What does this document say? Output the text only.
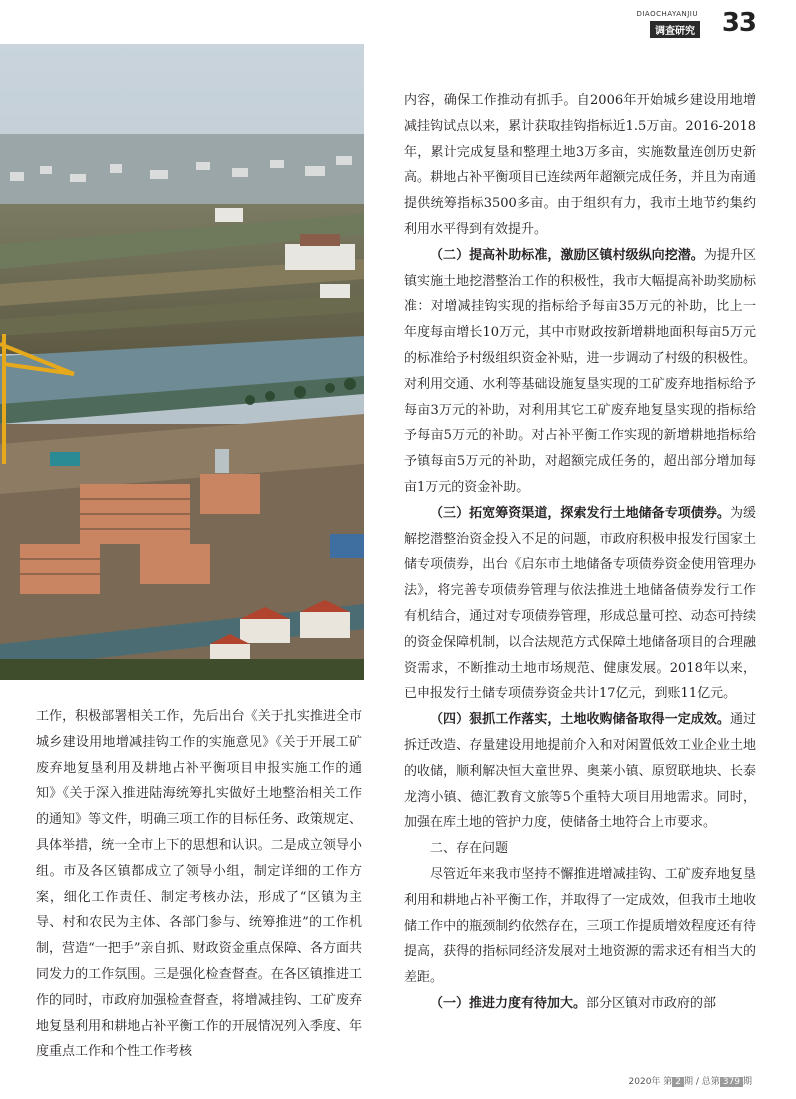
DIAOCHAYANJIU
调查研究 33

内容，确保工作推动有抓手。自2006年开始城乡建设用地增减挂钩试点以来，累计获取挂钩指标近1.5万亩。2016-2018年，累计完成复垦和整理土地3万多亩，实施数量连创历史新高。耕地占补平衡项目已连续两年超额完成任务，并且为南通提供统筹指标3500多亩。由于组织有力，我市土地节约集约利用水平得到有效提升。

（二）提高补助标准，激励区镇村级纵向挖潜。为提升区镇实施土地挖潜整治工作的积极性，我市大幅提高补助奖励标准：对增减挂钩实现的指标给予每亩35万元的补助，比上一年度每亩增长10万元，其中市财政按新增耕地面积每亩5万元的标准给予村级组织资金补贴，进一步调动了村级的积极性。对利用交通、水利等基础设施复垦实现的工矿废弃地指标给予每亩3万元的补助，对利用其它工矿废弃地复垦实现的指标给予每亩5万元的补助。对占补平衡工作实现的新增耕地指标给予镇每亩5万元的补助，对超额完成任务的，超出部分增加每亩1万元的资金补助。

（三）拓宽筹资渠道，探索发行土地储备专项债券。为缓解挖潜整治资金投入不足的问题，市政府积极申报发行国家土储专项债券，出台《启东市土地储备专项债券资金使用管理办法》，将完善专项债券管理与依法推进土地储备债券发行工作有机结合，通过对专项债券管理，形成总量可控、动态可持续的资金保障机制，以合法规范方式保障土地储备项目的合理融资需求，不断推动土地市场规范、健康发展。2018年以来，已申报发行土储专项债券资金共计17亿元，到账11亿元。

（四）狠抓工作落实，土地收购储备取得一定成效。通过拆迁改造、存量建设用地提前介入和对闲置低效工业企业土地的收储，顺利解决恒大童世界、奥莱小镇、原贸联地块、长泰龙湾小镇、德汇教育文旅等5个重特大项目用地需求。同时，加强在库土地的管护力度，使储备土地符合上市要求。

二、存在问题

尽管近年来我市坚持不懈推进增减挂钩、工矿废弃地复垦利用和耕地占补平衡工作，并取得了一定成效，但我市土地收储工作中的瓶颈制约依然存在，三项工作提质增效程度还有待提高，获得的指标同经济发展对土地资源的需求还有相当大的差距。

（一）推进力度有待加大。部分区镇对市政府的部

工作，积极部署相关工作，先后出台《关于扎实推进全市城乡建设用地增减挂钩工作的实施意见》《关于开展工矿废弃地复垦利用及耕地占补平衡项目申报实施工作的通知》《关于深入推进陆海统筹扎实做好土地整治相关工作的通知》等文件，明确三项工作的目标任务、政策规定、具体举措，统一全市上下的思想和认识。二是成立领导小组。市及各区镇都成立了领导小组，制定详细的工作方案，细化工作责任、制定考核办法，形成了“区镇为主导、村和农民为主体、各部门参与、统筹推进”的工作机制，营造“一把手”亲自抓、财政资金重点保障、各方面共同发力的工作氛围。三是强化检查督查。在各区镇推进工作的同时，市政府加强检查督查，将增减挂钩、工矿废弃地复垦利用和耕地占补平衡工作的开展情况列入季度、年度重点工作和个性工作考核

2020年 第 2 期 / 总第 379 期
